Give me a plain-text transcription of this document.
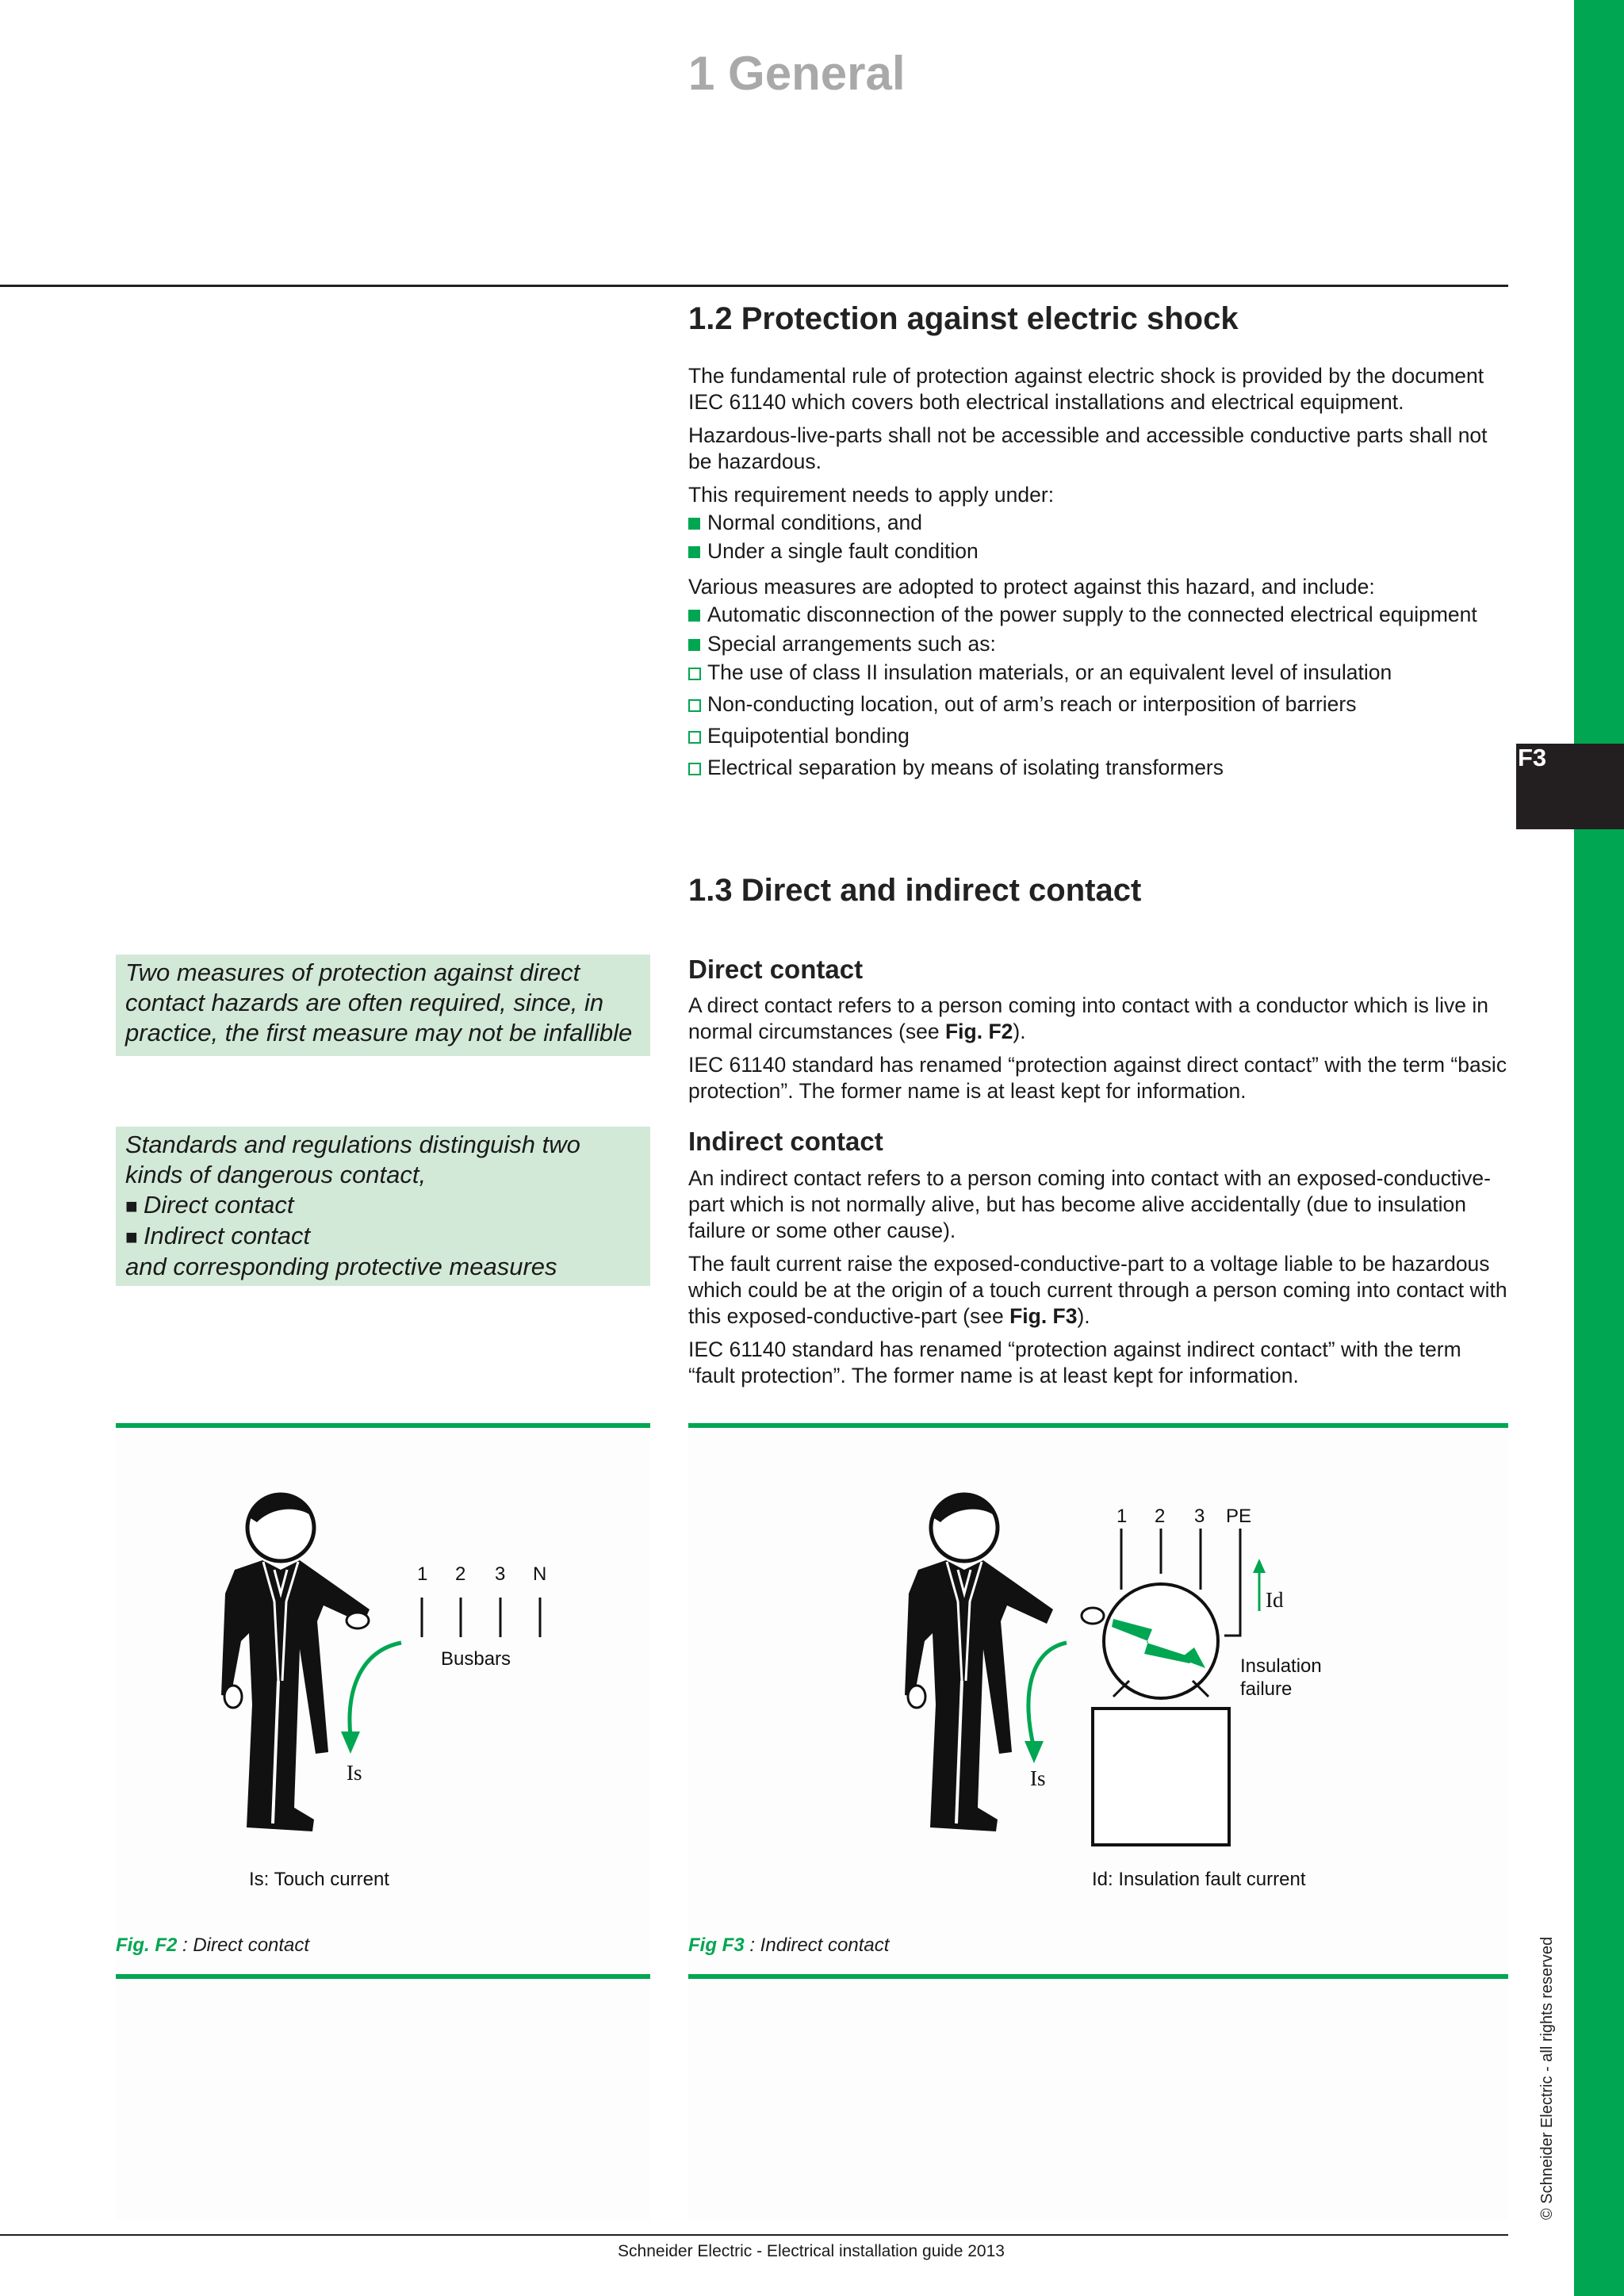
F3
© Schneider Electric - all rights reserved
1 General
1.2 Protection against electric shock

The fundamental rule of protection against electric shock is provided by the document IEC 61140 which covers both electrical installations and electrical equipment.

Hazardous-live-parts shall not be accessible and accessible conductive parts shall not be hazardous.

This requirement needs to apply under:

Normal conditions, and
Under a single fault condition

Various measures are adopted to protect against this hazard, and include:

Automatic disconnection of the power supply to the connected electrical equipment
Special arrangements such as:
The use of class II insulation materials, or an equivalent level of insulation
Non-conducting location, out of arm’s reach or interposition of barriers
Equipotential bonding
Electrical separation by means of isolating transformers
1.3 Direct and indirect contact
Direct contact

A direct contact refers to a person coming into contact with a conductor which is live in normal circumstances (see Fig. F2).

IEC 61140 standard has renamed “protection against direct contact” with the term “basic protection”. The former name is at least kept for information.

Indirect contact

An indirect contact refers to a person coming into contact with an exposed-conductive-part which is not normally alive, but has become alive accidentally (due to insulation failure or some other cause).

The fault current raise the exposed-conductive-part to a voltage liable to be hazardous which could be at the origin of a touch current through a person coming into contact with this exposed-conductive-part (see Fig. F3).

IEC 61140 standard has renamed “protection against indirect contact” with the term “fault protection”. The former name is at least kept for information.

Two measures of protection against direct contact hazards are often required, since, in practice, the first measure may not be infallible
Standards and regulations distinguish two kinds of dangerous contact,
■ Direct contact
■ Indirect contact
and corresponding protective measures
1 2 3 N
Busbars
Is
Is: Touch current
1 2 3 PE
Id
Insulation
failure
Is
Id: Insulation fault current
Fig. F2 : Direct contact	Fig F3 : Indirect contact
Schneider Electric - Electrical installation guide 2013
